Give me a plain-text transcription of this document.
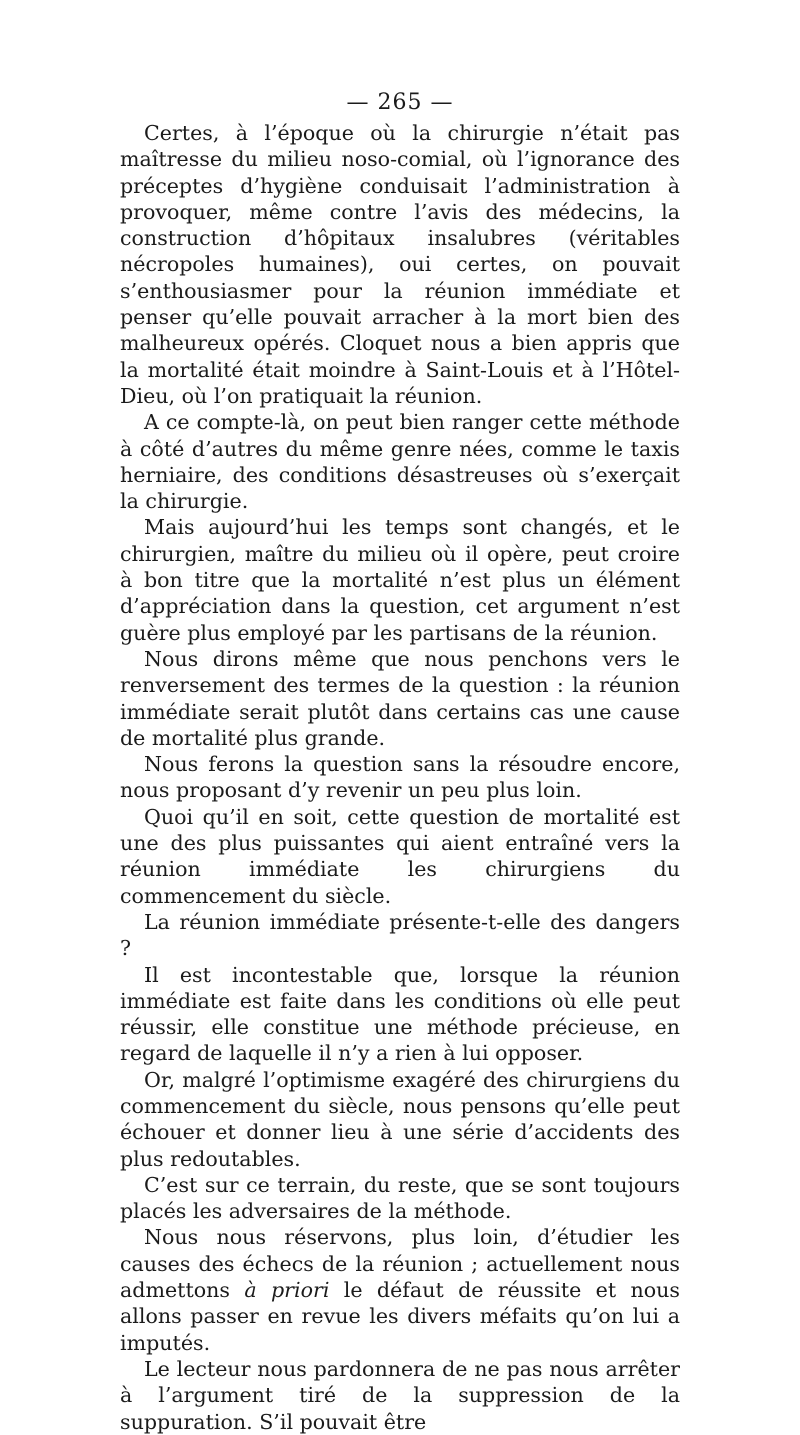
— 265 —

Certes, à l’époque où la chirurgie n’était pas maîtresse du milieu noso-comial, où l’ignorance des préceptes d’hygiène conduisait l’administration à provoquer, même contre l’avis des médecins, la construction d’hôpitaux insalubres (véritables nécropoles humaines), oui certes, on pouvait s’enthousiasmer pour la réunion immédiate et penser qu’elle pouvait arracher à la mort bien des malheureux opérés. Cloquet nous a bien appris que la mortalité était moindre à Saint-Louis et à l’Hôtel-Dieu, où l’on pratiquait la réunion.

A ce compte-là, on peut bien ranger cette méthode à côté d’autres du même genre nées, comme le taxis herniaire, des conditions désastreuses où s’exerçait la chirurgie.

Mais aujourd’hui les temps sont changés, et le chirurgien, maître du milieu où il opère, peut croire à bon titre que la mortalité n’est plus un élément d’appréciation dans la question, cet argument n’est guère plus employé par les partisans de la réunion.

Nous dirons même que nous penchons vers le renversement des termes de la question : la réunion immédiate serait plutôt dans certains cas une cause de mortalité plus grande.

Nous ferons la question sans la résoudre encore, nous proposant d’y revenir un peu plus loin.

Quoi qu’il en soit, cette question de mortalité est une des plus puissantes qui aient entraîné vers la réunion immédiate les chirurgiens du commencement du siècle.

La réunion immédiate présente-t-elle des dangers ?

Il est incontestable que, lorsque la réunion immédiate est faite dans les conditions où elle peut réussir, elle constitue une méthode précieuse, en regard de laquelle il n’y a rien à lui opposer.

Or, malgré l’optimisme exagéré des chirurgiens du commencement du siècle, nous pensons qu’elle peut échouer et donner lieu à une série d’accidents des plus redoutables.

C’est sur ce terrain, du reste, que se sont toujours placés les adversaires de la méthode.

Nous nous réservons, plus loin, d’étudier les causes des échecs de la réunion ; actuellement nous admettons à priori le défaut de réussite et nous allons passer en revue les divers méfaits qu’on lui a imputés.

Le lecteur nous pardonnera de ne pas nous arrêter à l’argument tiré de la suppression de la suppuration. S’il pouvait être
